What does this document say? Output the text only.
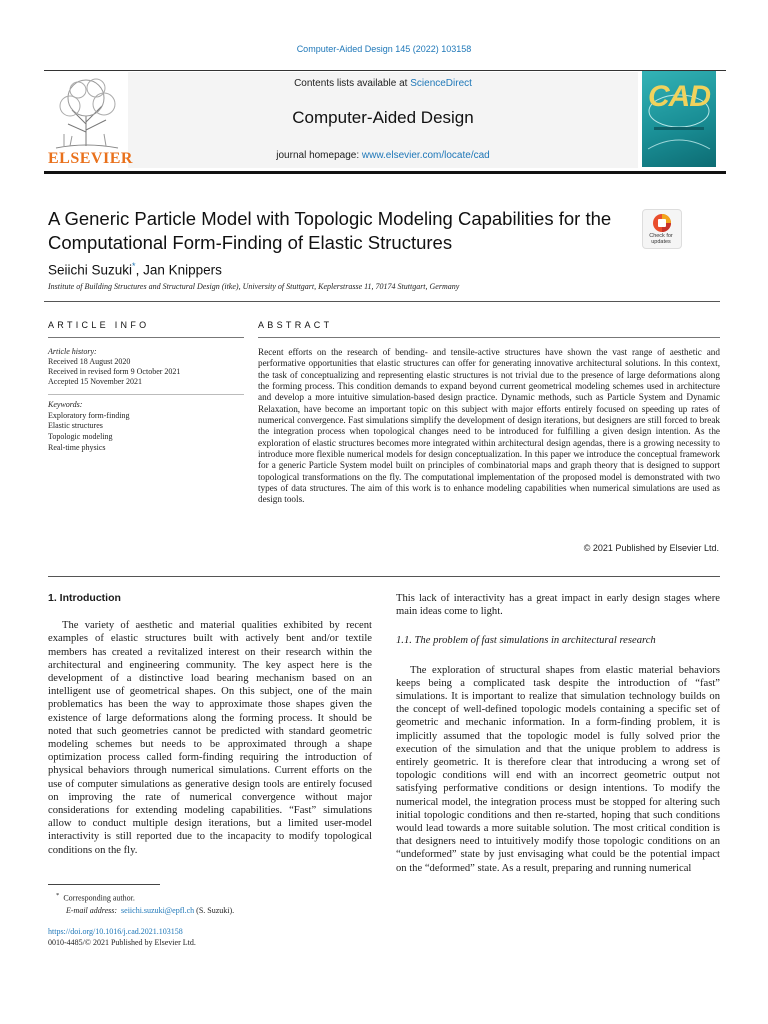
Computer-Aided Design 145 (2022) 103158
ELSEVIER
Contents lists available at ScienceDirect
Computer-Aided Design
journal homepage: www.elsevier.com/locate/cad
CAD
A Generic Particle Model with Topologic Modeling Capabilities for the Computational Form-Finding of Elastic Structures	Check for updates
Seiichi Suzuki*, Jan Knippers
Institute of Building Structures and Structural Design (itke), University of Stuttgart, Keplerstrasse 11, 70174 Stuttgart, Germany
ARTICLE INFO	ABSTRACT
Article history:
Received 18 August 2020
Received in revised form 9 October 2021
Accepted 15 November 2021
Keywords:
Exploratory form-finding
Elastic structures
Topologic modeling
Real-time physics
Recent efforts on the research of bending- and tensile-active structures have shown the vast range of aesthetic and performative opportunities that elastic structures can offer for generating innovative architectural solutions. In this context, the task of conceptualizing and representing elastic structures is not trivial due to the presence of large deformations along the forming process. This condition demands to expand beyond current geometrical modeling schemes used in architecture and develop a more intuitive simulation-based design practice. Dynamic methods, such as Particle System and Dynamic Relaxation, have become an important topic on this subject with major efforts entirely focused on speeding up rates of numerical convergence. Fast simulations simplify the development of design iterations, but designers are still forced to break the integration process when topological changes need to be introduced for fulfilling a given design intention. As the exploration of elastic structures becomes more integrated within architectural design agendas, there is a growing necessity to introduce more flexible numerical models for design conceptualization. In this paper we introduce the conceptual framework for a generic Particle System model built on principles of combinatorial maps and graph theory that is designed to support topological transformations on the fly. The computational implementation of the proposed model is demonstrated with two types of data structures. The aim of this work is to enhance modeling capabilities when numerical simulations are used as design tools.
© 2021 Published by Elsevier Ltd.
1. Introduction

The variety of aesthetic and material qualities exhibited by recent examples of elastic structures built with actively bent and/or textile members has created a revitalized interest on their research within the architectural and engineering community. The key aspect here is the development of a distinctive load bearing mechanism based on an intelligent use of geometrical shapes. On this subject, one of the main problematics has been the way to approximate those shapes given the existence of large deformations along the forming process. It should be noted that such geometries cannot be predicted with standard geometric modeling schemes but needs to be approximated through a shape optimization process called form-finding requiring the introduction of physical behaviors through numerical simulations. Current efforts on the use of computer simulations as generative design tools are entirely focused on improving the rate of numerical convergence without major considerations for extending modeling capabilities. “Fast” simulations allow to conduct multiple design iterations, but a limited user-model interactivity is still reported due to the incapacity to modify topological conditions on the fly.

This lack of interactivity has a great impact in early design stages where main ideas come to light.

1.1. The problem of fast simulations in architectural research

The exploration of structural shapes from elastic material behaviors keeps being a complicated task despite the introduction of “fast” simulations. It is important to realize that simulation technology builds on the concept of well-defined topologic models containing a specific set of geometric and mechanic information. In a form-finding problem, it is implicitly assumed that the topologic model is fully solved prior the execution of the simulation and that the unique problem to address is entirely geometric. It is therefore clear that introducing a wrong set of topologic conditions will end with an incorrect geometric output not satisfying performative conditions or design intentions. To modify the numerical model, the integration process must be stopped for altering such initial topologic conditions and then re-started, hoping that such conditions would lead towards a more suitable solution. The most critical condition is that designers need to intuitively modify those topologic conditions on an “undeformed” state by just envisaging what could be the potential impact on the “deformed” state. As a result, preparing and running numerical

* Corresponding author.
E-mail address: seiichi.suzuki@epfl.ch (S. Suzuki).
https://doi.org/10.1016/j.cad.2021.103158
0010-4485/© 2021 Published by Elsevier Ltd.
